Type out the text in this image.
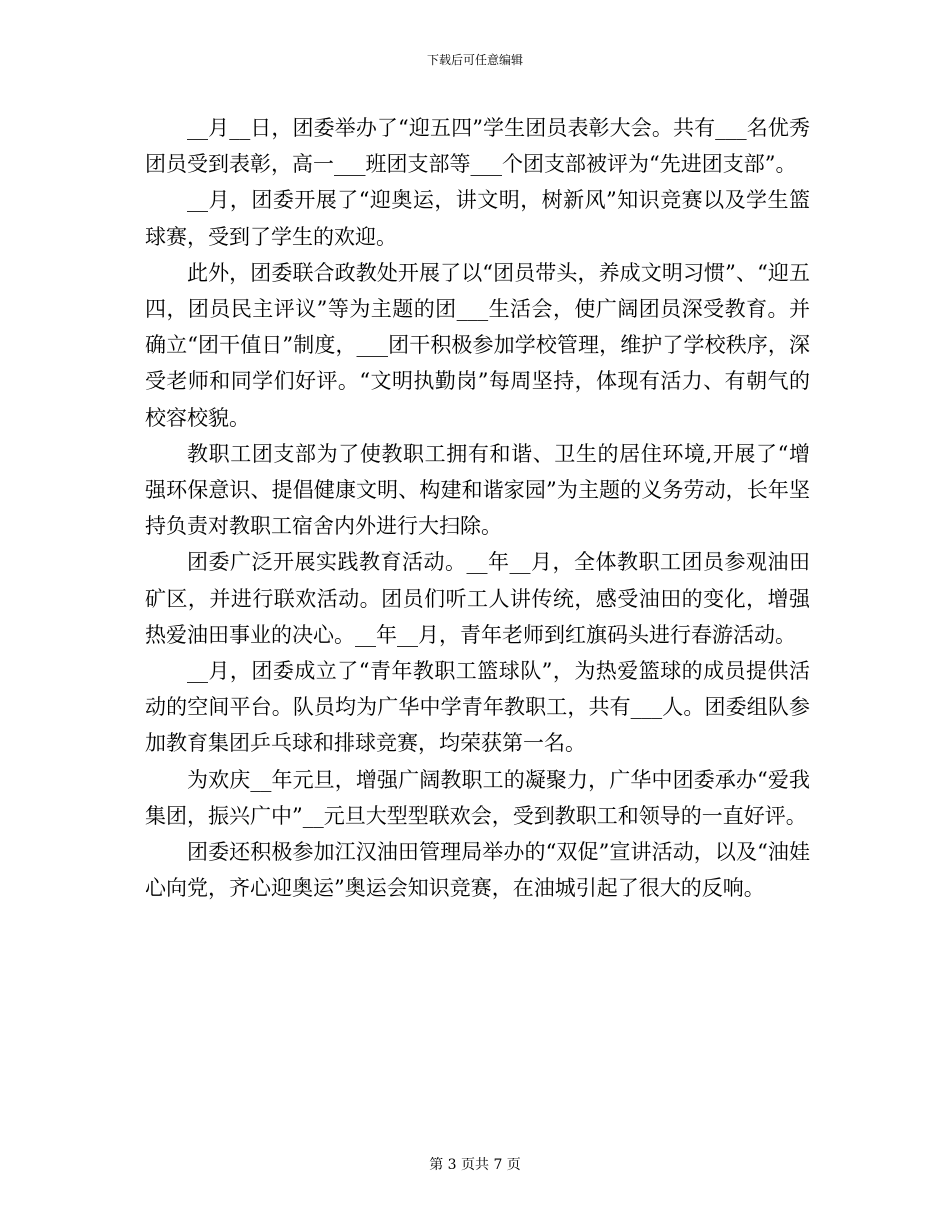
下载后可任意编辑

__月__日，团委举办了“迎五四”学生团员表彰大会。共有___名优秀团员受到表彰，高一___班团支部等___个团支部被评为“先进团支部”。

__月，团委开展了“迎奥运，讲文明，树新风”知识竞赛以及学生篮球赛，受到了学生的欢迎。

此外，团委联合政教处开展了以“团员带头，养成文明习惯”、“迎五四，团员民主评议”等为主题的团___生活会，使广阔团员深受教育。并确立“团干值日”制度，___团干积极参加学校管理，维护了学校秩序，深受老师和同学们好评。“文明执勤岗”每周坚持，体现有活力、有朝气的校容校貌。

教职工团支部为了使教职工拥有和谐、卫生的居住环境,开展了“增强环保意识、提倡健康文明、构建和谐家园”为主题的义务劳动，长年坚持负责对教职工宿舍内外进行大扫除。

团委广泛开展实践教育活动。__年__月，全体教职工团员参观油田矿区，并进行联欢活动。团员们听工人讲传统，感受油田的变化，增强热爱油田事业的决心。__年__月，青年老师到红旗码头进行春游活动。

__月，团委成立了“青年教职工篮球队”，为热爱篮球的成员提供活动的空间平台。队员均为广华中学青年教职工，共有___人。团委组队参加教育集团乒乓球和排球竞赛，均荣获第一名。

为欢庆__年元旦，增强广阔教职工的凝聚力，广华中团委承办“爱我集团，振兴广中”__元旦大型型联欢会，受到教职工和领导的一直好评。

团委还积极参加江汉油田管理局举办的“双促”宣讲活动，以及“油娃心向党，齐心迎奥运”奥运会知识竞赛，在油城引起了很大的反响。

第 3 页共 7 页
